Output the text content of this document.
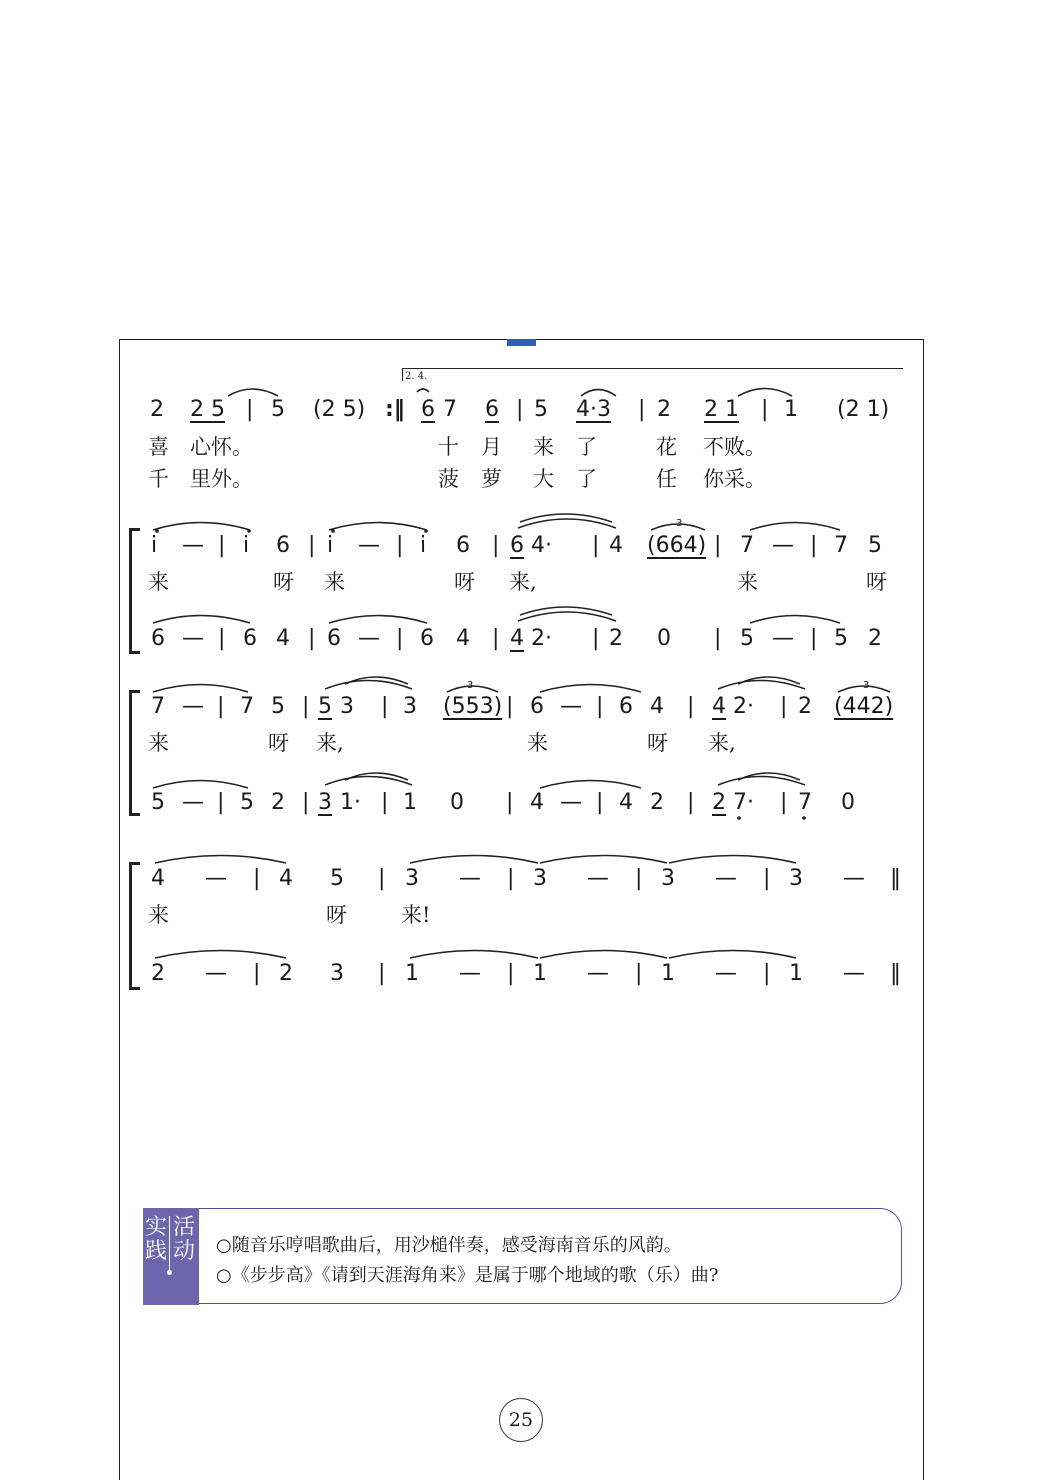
2. 4.
2 2 5 | 5 (2 5) :‖ 6 7 6 | 5 4·3 | 2 2 1 | 1 (2 1)
喜 心怀。	十 月 来 了	花 不败。
千 里外。	菠 萝 大 了	任 你采。
i — | i 6 | i — | i 6 | 6 4· | 4 (664) | 7 — | 7 5
3
来	呀 来	呀 来,	来	呀
6 — | 6 4 | 6 — | 6 4 | 4 2· | 2 0 | 5 — | 5 2
7 — | 7 5 | 5 3 | 3 (553) | 6 — | 6 4 | 4 2· | 2 (442)
3	3
来	呀 来,	来	呀 来,
5 — | 5 2 | 3 1· | 1 0 | 4 — | 4 2 | 2 7· | 7 0
4 — | 4 5 | 3 — | 3 — | 3 — | 3 — ‖
来	呀	来!
2 — | 2 3 | 1 — | 1 — | 1 — | 1 — ‖
实
践
活
动 ○随音乐哼唱歌曲后，用沙槌伴奏，感受海南音乐的风韵。
○《步步高》《请到天涯海角来》是属于哪个地域的歌（乐）曲?
25
